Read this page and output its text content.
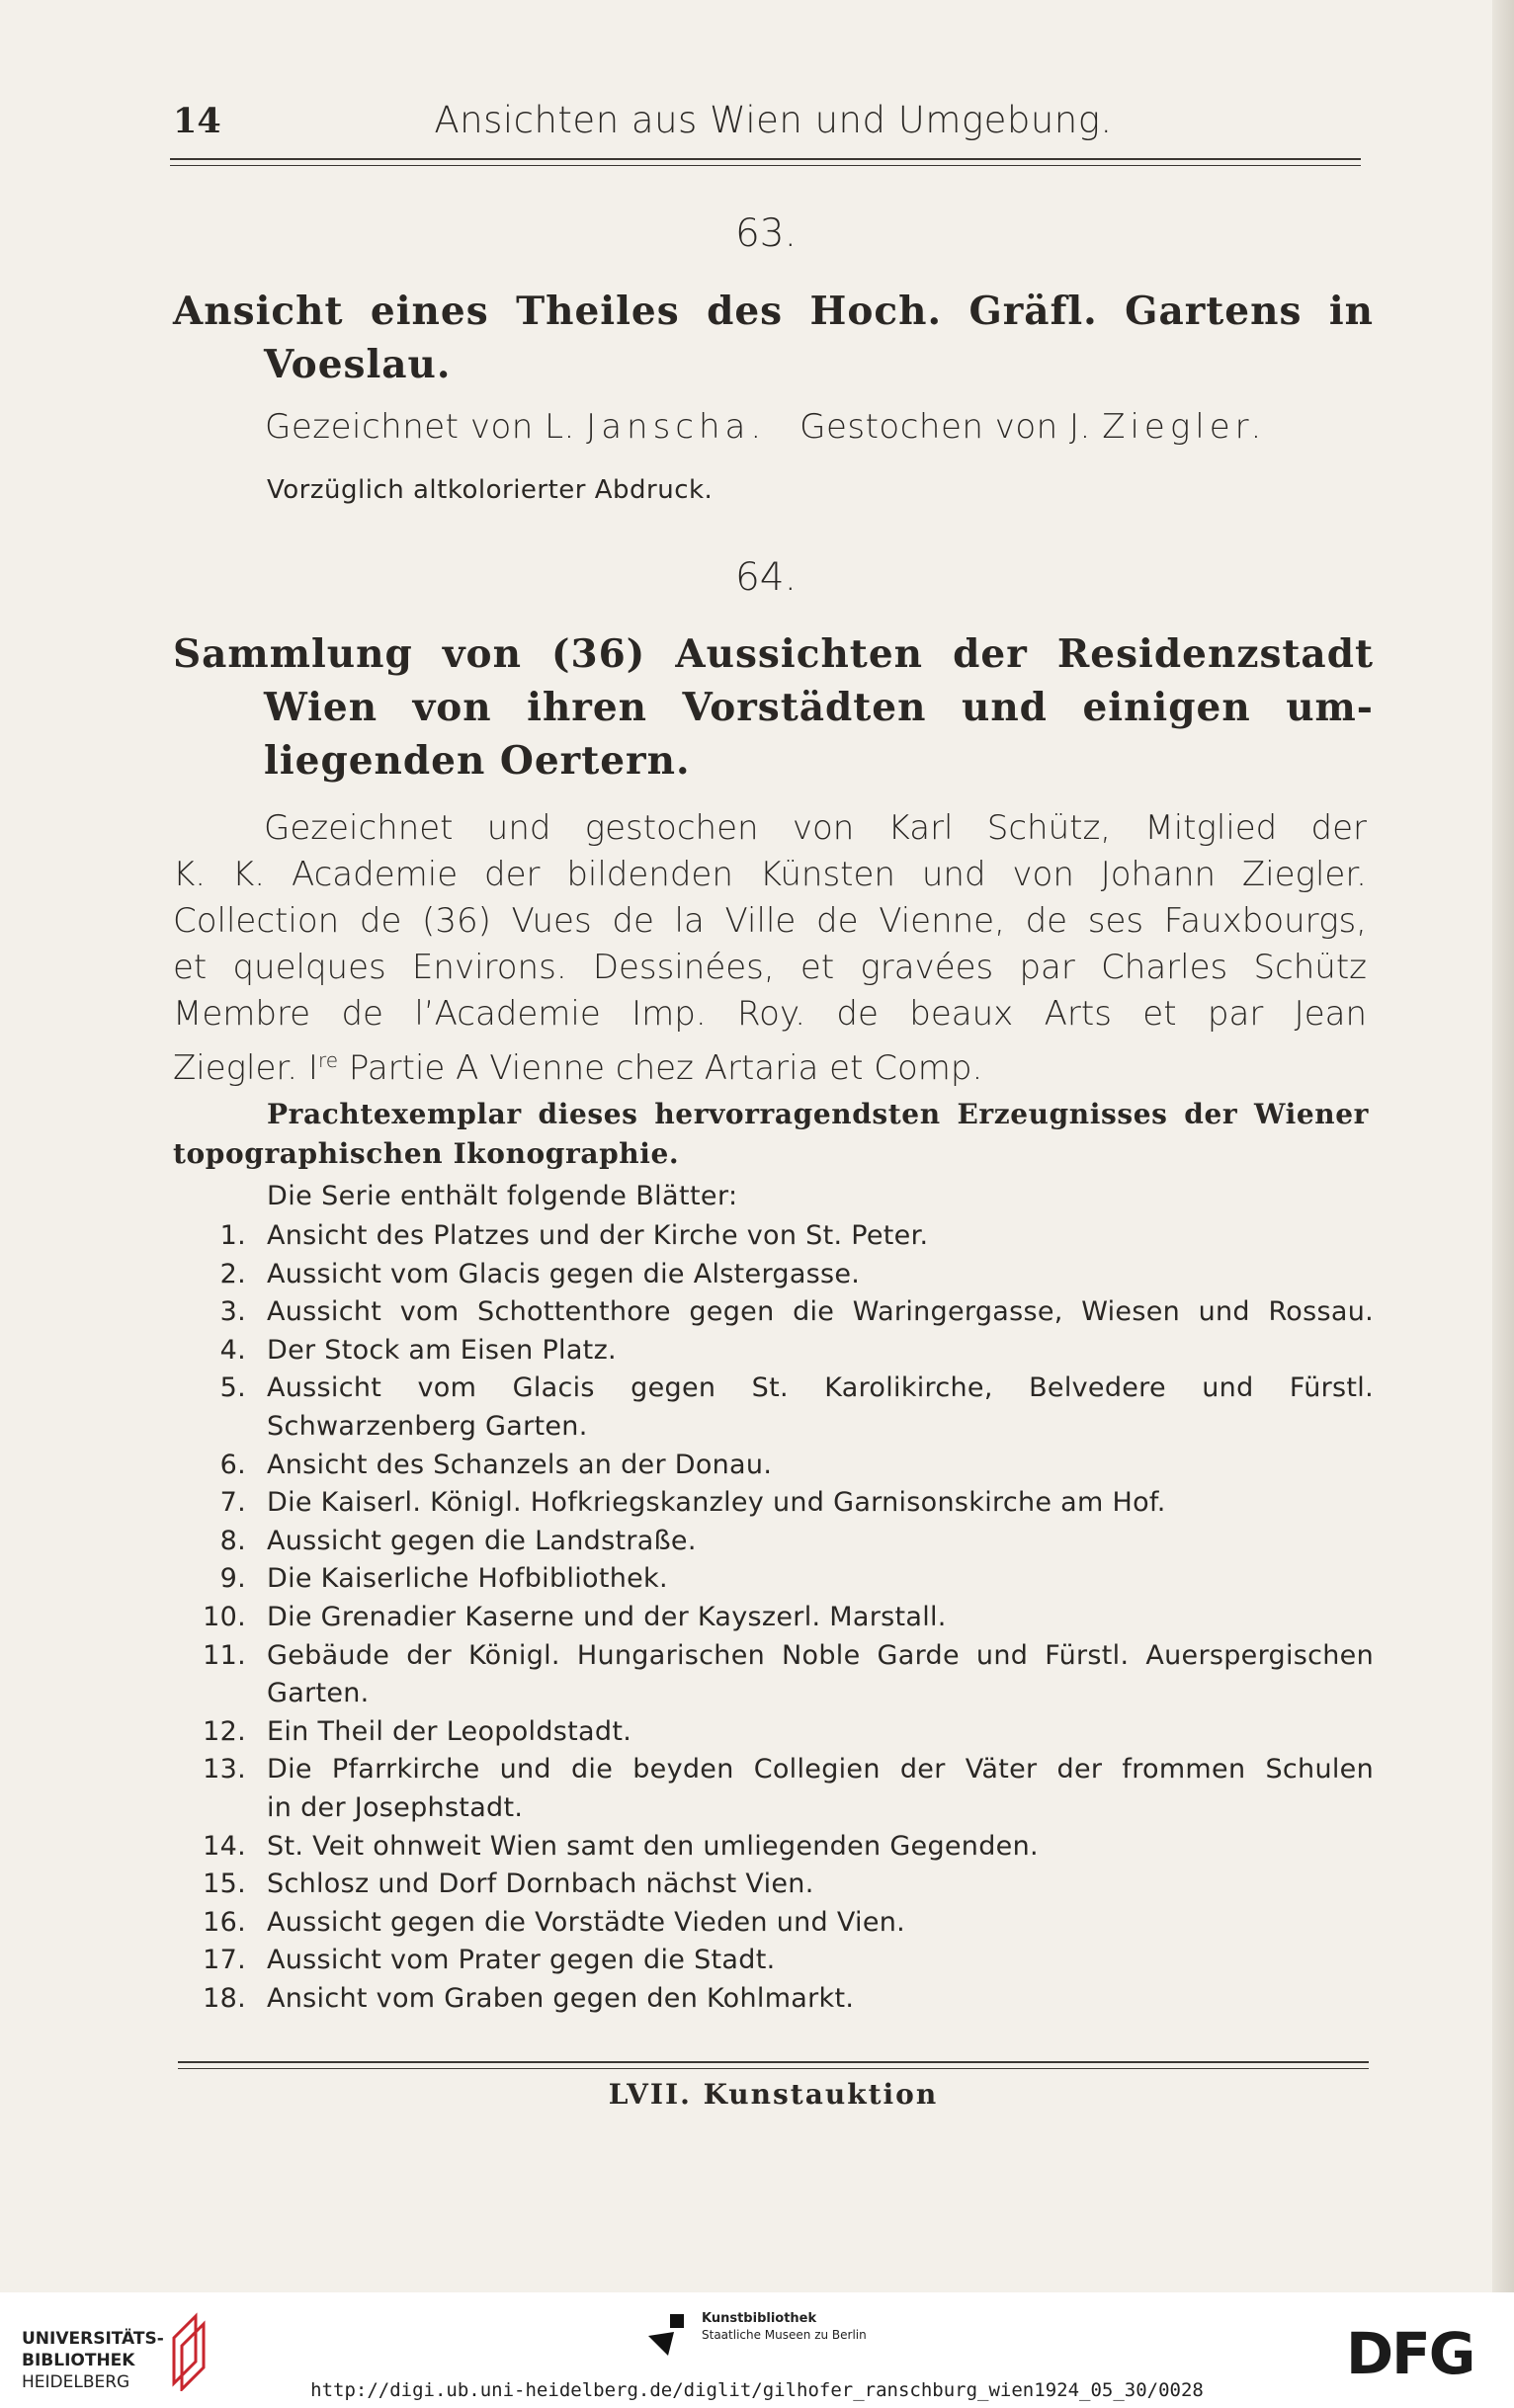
14	Ansichten aus Wien und Umgebung.
63.
Ansicht eines Theiles des Hoch. Gräfl. Gartens in
Voeslau.
Gezeichnet von L. Janscha. Gestochen von J. Ziegler.
Vorzüglich altkolorierter Abdruck.
64.
Sammlung von (36) Aussichten der Residenzstadt
Wien von ihren Vorstädten und einigen um-
liegenden Oertern.
Gezeichnet und gestochen von Karl Schütz, Mitglied der
K. K. Academie der bildenden Künsten und von Johann Ziegler.
Collection de (36) Vues de la Ville de Vienne, de ses Fauxbourgs,
et quelques Environs. Dessinées, et gravées par Charles Schütz
Membre de l’Academie Imp. Roy. de beaux Arts et par Jean
Ziegler. Ire Partie A Vienne chez Artaria et Comp.
Prachtexemplar dieses hervorragendsten Erzeugnisses der Wiener
topographischen Ikonographie.
Die Serie enthält folgende Blätter:
1. Ansicht des Platzes und der Kirche von St. Peter.
2. Aussicht vom Glacis gegen die Alstergasse.
3. Aussicht vom Schottenthore gegen die Waringergasse, Wiesen und Rossau.
4. Der Stock am Eisen Platz.
5. Aussicht vom Glacis gegen St. Karolikirche, Belvedere und Fürstl.
Schwarzenberg Garten.
6. Ansicht des Schanzels an der Donau.
7. Die Kaiserl. Königl. Hofkriegskanzley und Garnisonskirche am Hof.
8. Aussicht gegen die Landstraße.
9. Die Kaiserliche Hofbibliothek.
10. Die Grenadier Kaserne und der Kayszerl. Marstall.
11. Gebäude der Königl. Hungarischen Noble Garde und Fürstl. Auerspergischen
Garten.
12. Ein Theil der Leopoldstadt.
13. Die Pfarrkirche und die beyden Collegien der Väter der frommen Schulen
in der Josephstadt.
14. St. Veit ohnweit Wien samt den umliegenden Gegenden.
15. Schlosz und Dorf Dornbach nächst Vien.
16. Aussicht gegen die Vorstädte Vieden und Vien.
17. Aussicht vom Prater gegen die Stadt.
18. Ansicht vom Graben gegen den Kohlmarkt.
LVII. Kunstauktion
UNIVERSITÄTS-
BIBLIOTHEK
HEIDELBERG
Kunstbibliothek
Staatliche Museen zu Berlin	DFG
http://digi.ub.uni-heidelberg.de/diglit/gilhofer_ranschburg_wien1924_05_30/0028
